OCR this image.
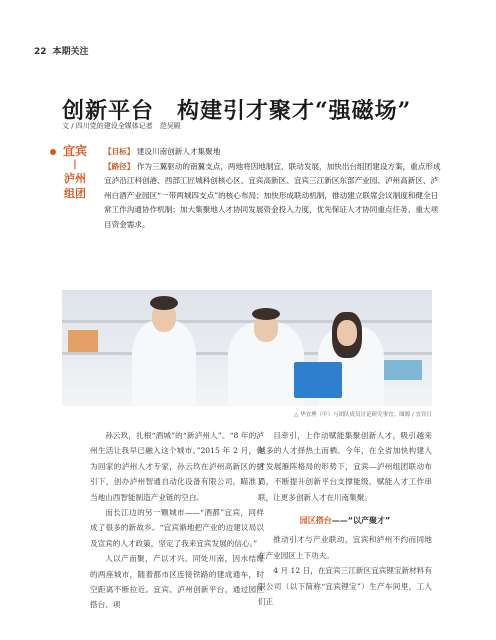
22 本期关注
创新平台　构建引才聚才“强磁场”
文 / 四川党的建设全媒体记者　范吴殿
宜宾
|
泸州
组团
【目标】 建设川南创新人才集聚地
【路径】 作为三翼驱动的南翼支点，两地将因地制宜、联动发展，加快出台组团建设方案，重点形成宜泸沿江科创港、西部工匠城科创核心区、宜宾高新区、宜宾三江新区东部产业园、泸州高新区、泸州白酒产业园区“一带两城四支点”的核心布局；加快形成联动机制，推动建立联席会议制度和健全日常工作沟通协作机制；加大集聚地人才协同发展资金投入力度，优先保证人才协同重点任务、重大项目资金需求。
△ 华宜理（中）与团队成员讨论研究事宜。图源 / 宜宾日

孙云玖，扎根“酒城”的“新泸州人”。“8 年的泸州生活让我早已融入这个城市。”2015 年 2 月，作为回家的泸州人才专家，孙云玖在泸州高新区的招引下，创办泸州智通自动化设备有限公司，瞄准了当地山西智能制造产业链的空白。

而长江边的另一颗城市——“酒都”宜宾，同样成了很多的新故乡。“宜宾渐地把产业的边建议局以及宣宾的人才政策，坚定了我来宜宾发展的信心。”

人以产而聚，产以才兴。同处川南，因水结缘的两座城市，随着都市区连接铁路的建成通车，时空距离不断拉近。宜宾、泸州创新平台，通过园区搭台、项

目牵引，上作动赋能集聚创新人才，吸引越来越多的人才择热土而栖。今年，在全省加快构建人才发展雁阵格局的形势下，宜宾—泸州组团联动布局，不断提升创新平台支撑能级，赋能人才工作串联，让更多创新人才在川南集聚。

园区搭台——“以产聚才”

推动引才与产业联动，宜宾和泸州不约而同地在产业园区上下功夫。

4 月 12 日，在宜宾三江新区宜宾锂宝新材料有限公司（以下简称“宜宾锂宝”）生产车间里，工人们正
